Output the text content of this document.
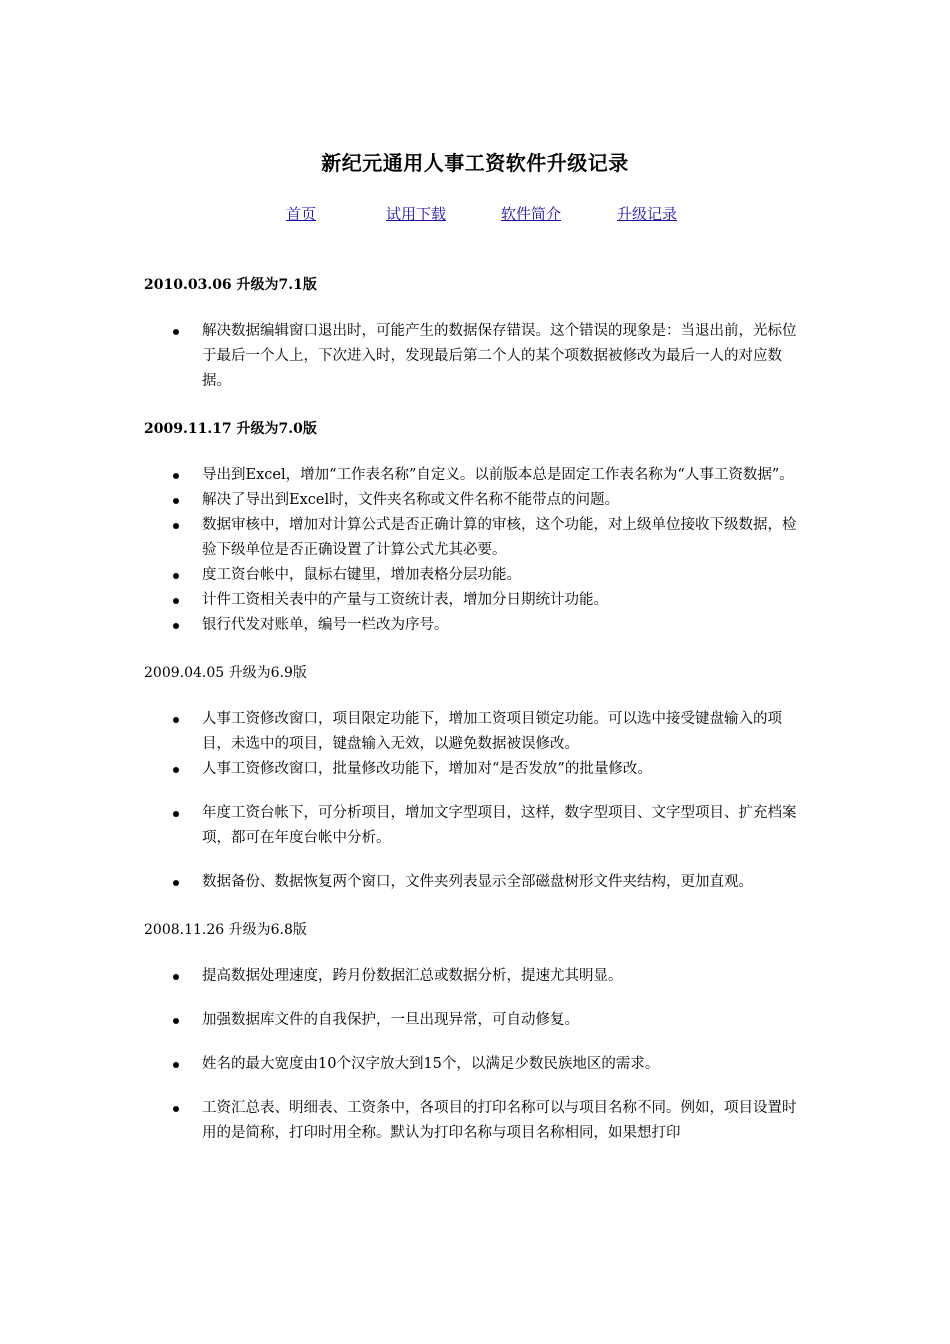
新纪元通用人事工资软件升级记录
首页	试用下载	软件简介	升级记录

2010.03.06 升级为7.1版

解决数据编辑窗口退出时，可能产生的数据保存错误。这个错误的现象是：当退出前，光标位于最后一个人上，下次进入时，发现最后第二个人的某个项数据被修改为最后一人的对应数据。

2009.11.17 升级为7.0版

导出到Excel，增加“工作表名称”自定义。以前版本总是固定工作表名称为“人事工资数据”。
解决了导出到Excel时，文件夹名称或文件名称不能带点的问题。
数据审核中，增加对计算公式是否正确计算的审核，这个功能，对上级单位接收下级数据，检验下级单位是否正确设置了计算公式尤其必要。
度工资台帐中，鼠标右键里，增加表格分层功能。
计件工资相关表中的产量与工资统计表，增加分日期统计功能。
银行代发对账单，编号一栏改为序号。

2009.04.05 升级为6.9版

人事工资修改窗口，项目限定功能下，增加工资项目锁定功能。可以选中接受键盘输入的项目，未选中的项目，键盘输入无效，以避免数据被误修改。
人事工资修改窗口，批量修改功能下，增加对“是否发放”的批量修改。
年度工资台帐下，可分析项目，增加文字型项目，这样，数字型项目、文字型项目、扩充档案项，都可在年度台帐中分析。
数据备份、数据恢复两个窗口，文件夹列表显示全部磁盘树形文件夹结构，更加直观。

2008.11.26 升级为6.8版

提高数据处理速度，跨月份数据汇总或数据分析，提速尤其明显。
加强数据库文件的自我保护，一旦出现异常，可自动修复。
姓名的最大宽度由10个汉字放大到15个，以满足少数民族地区的需求。
工资汇总表、明细表、工资条中，各项目的打印名称可以与项目名称不同。例如，项目设置时用的是简称，打印时用全称。默认为打印名称与项目名称相同，如果想打印
